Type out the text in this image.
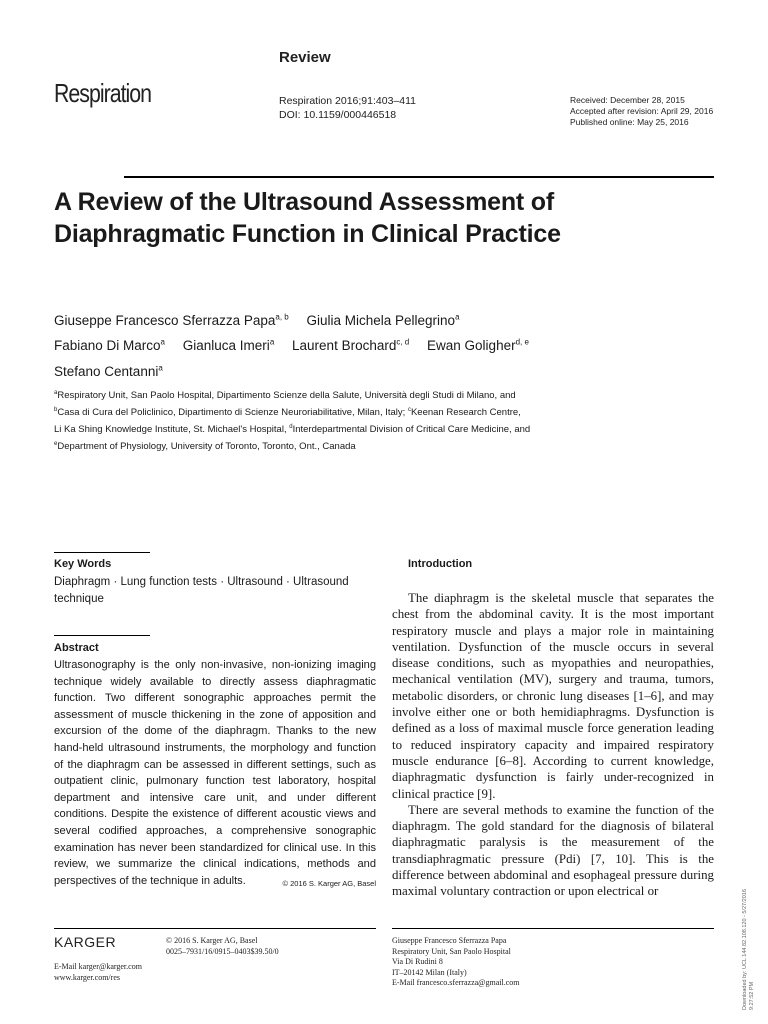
Respiration
Review
Respiration 2016;91:403–411
DOI: 10.1159/000446518
Received: December 28, 2015
Accepted after revision: April 29, 2016
Published online: May 25, 2016
A Review of the Ultrasound Assessment of Diaphragmatic Function in Clinical Practice
Giuseppe Francesco Sferrazza Papa$^{a, b}$ Giulia Michela Pellegrino$^a$
Fabiano Di Marco$^a$ Gianluca Imeri$^a$ Laurent Brochard$^{c, d}$ Ewan Goligher$^{d, e}$
Stefano Centanni$^a$
$^a$Respiratory Unit, San Paolo Hospital, Dipartimento Scienze della Salute, Università degli Studi di Milano, and
$^b$Casa di Cura del Policlinico, Dipartimento di Scienze Neuroriabilitative, Milan, Italy; $^c$Keenan Research Centre,
Li Ka Shing Knowledge Institute, St. Michael's Hospital, $^d$Interdepartmental Division of Critical Care Medicine, and
$^e$Department of Physiology, University of Toronto, Toronto, Ont., Canada
Key Words
Diaphragm · Lung function tests · Ultrasound · Ultrasound technique
Abstract
Ultrasonography is the only non-invasive, non-ionizing imaging technique widely available to directly assess diaphragmatic function. Two different sonographic approaches permit the assessment of muscle thickening in the zone of apposition and excursion of the dome of the diaphragm. Thanks to the new hand-held ultrasound instruments, the morphology and function of the diaphragm can be assessed in different settings, such as outpatient clinic, pulmonary function test laboratory, hospital department and intensive care unit, and under different conditions. Despite the existence of different acoustic views and several codified approaches, a comprehensive sonographic examination has never been standardized for clinical use. In this review, we summarize the clinical indications, methods and perspectives of the technique in adults.	© 2016 S. Karger AG, Basel
Introduction

The diaphragm is the skeletal muscle that separates the chest from the abdominal cavity. It is the most important respiratory muscle and plays a major role in maintaining ventilation. Dysfunction of the muscle occurs in several disease conditions, such as myopathies and neuropathies, mechanical ventilation (MV), surgery and trauma, tumors, metabolic disorders, or chronic lung diseases [1–6], and may involve either one or both hemidiaphragms. Dysfunction is defined as a loss of maximal muscle force generation leading to reduced inspiratory capacity and impaired respiratory muscle endurance [6–8]. According to current knowledge, diaphragmatic dysfunction is fairly under-recognized in clinical practice [9].

There are several methods to examine the function of the diaphragm. The gold standard for the diagnosis of bilateral diaphragmatic paralysis is the measurement of the transdiaphragmatic pressure (Pdi) [7, 10]. This is the difference between abdominal and esophageal pressure during maximal voluntary contraction or upon electrical or

KARGER	© 2016 S. Karger AG, Basel
0025–7931/16/0915–0403$39.50/0
E-Mail karger@karger.com
www.karger.com/res
Giuseppe Francesco Sferrazza Papa
Respiratory Unit, San Paolo Hospital
Via Di Rudini 8
IT–20142 Milan (Italy)
E-Mail francesco.sferrazza@gmail.com	Downloaded by: UCL 144.82.108.120 - 5/27/2016 9:27:52 PM
